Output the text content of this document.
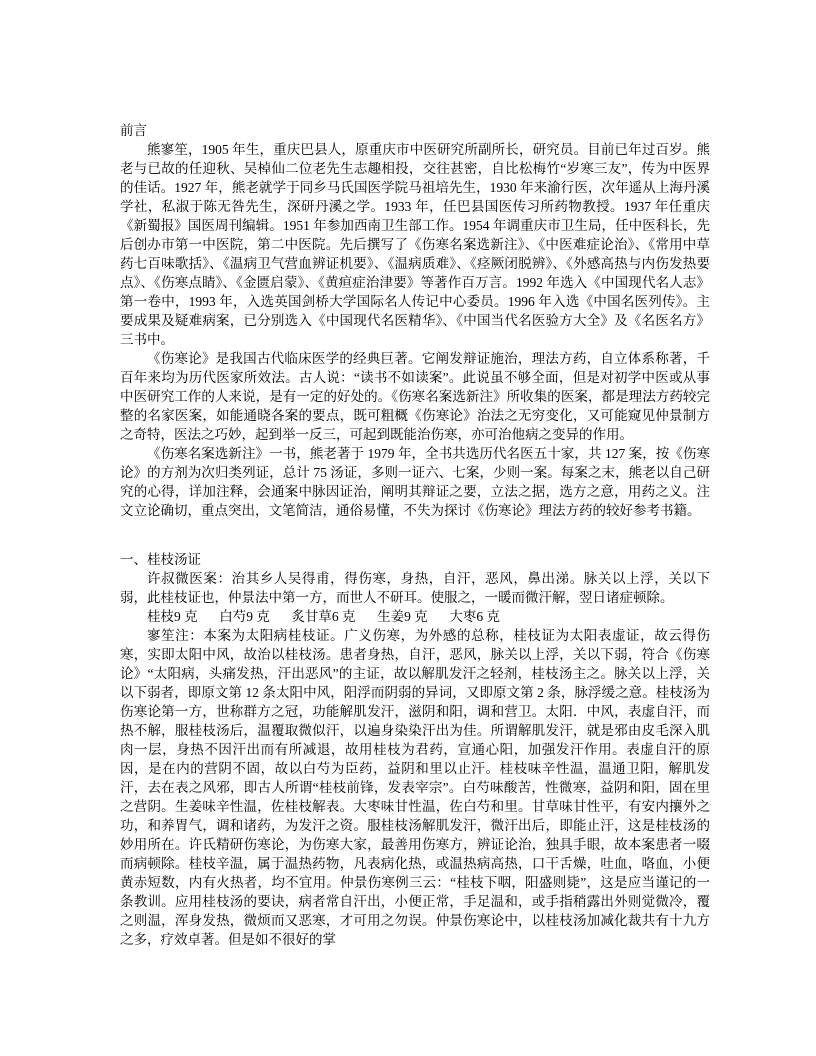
前言

熊寥笙，1905 年生，重庆巴县人，原重庆市中医研究所副所长，研究员。目前已年过百岁。熊老与已故的任迎秋、吴棹仙二位老先生志趣相投，交往甚密，自比松梅竹“岁寒三友”，传为中医界的佳话。1927 年，熊老就学于同乡马氏国医学院马祖培先生，1930 年来渝行医，次年遥从上海丹溪学社，私淑于陈无咎先生，深研丹溪之学。1933 年，任巴县国医传习所药物教授。1937 年任重庆《新蜀报》国医周刊编辑。1951 年参加西南卫生部工作。1954 年调重庆市卫生局，任中医科长，先后创办市第一中医院，第二中医院。先后撰写了《伤寒名案选新注》、《中医难症论治》、《常用中草药七百味歌括》、《温病卫气营血辨证机要》、《温病质难》、《痉厥闭脱辨》、《外感高热与内伤发热要点》、《伤寒点睛》、《金匮启蒙》、《黄疸症治津要》等著作百万言。1992 年选入《中国现代名人志》第一卷中，1993 年，入选英国剑桥大学国际名人传记中心委员。1996 年入选《中国名医列传》。主要成果及疑难病案，已分别选入《中国现代名医精华》、《中国当代名医验方大全》及《名医名方》三书中。

《伤寒论》是我国古代临床医学的经典巨著。它阐发辩证施治，理法方药，自立体系称著，千百年来均为历代医家所效法。古人说：“读书不如读案”。此说虽不够全面，但是对初学中医或从事中医研究工作的人来说，是有一定的好处的。《伤寒名案选新注》所收集的医案，都是理法方药较完整的名家医案，如能通晓各案的要点，既可粗概《伤寒论》治法之无穷变化，又可能窥见仲景制方之奇特，医法之巧妙，起到举一反三，可起到既能治伤寒，亦可治他病之变异的作用。

《伤寒名案选新注》一书，熊老著于 1979 年，全书共选历代名医五十家，共 127 案，按《伤寒论》的方剂为次归类列证，总计 75 汤证，多则一证六、七案，少则一案。每案之末，熊老以自己研究的心得，详加注释，会通案中脉因证治，阐明其辩证之要，立法之据，选方之意，用药之义。注文立论确切，重点突出，文笔简洁，通俗易懂，不失为探讨《伤寒论》理法方药的较好参考书籍。

一、桂枝汤证

许叔微医案：治其乡人吴得甫，得伤寒，身热，自汗，恶风，鼻出涕。脉关以上浮，关以下弱，此桂枝证也，仲景法中第一方，而世人不研耳。使服之，一暖而微汗解，翌日诸症顿除。

桂枝9 克 白芍9 克 炙甘草6 克 生姜9 克 大枣6 克

寥笙注：本案为太阳病桂枝证。广义伤寒，为外感的总称，桂枝证为太阳表虚证，故云得伤寒，实即太阳中风，故治以桂枝汤。患者身热，自汗，恶风，脉关以上浮，关以下弱，符合《伤寒论》“太阳病，头痛发热，汗出恶风”的主证，故以解肌发汗之轻剂，桂枝汤主之。脉关以上浮，关以下弱者，即原文第 12 条太阳中风，阳浮而阴弱的异词，又即原文第 2 条，脉浮缓之意。桂枝汤为伤寒论第一方，世称群方之冠，功能解肌发汗，滋阴和阳，调和营卫。太阳．中风，表虚自汗，而热不解，服桂枝汤后，温覆取微似汗，以遍身染染汗出为佳。所谓解肌发汗，就是邪由皮毛深入肌肉一层，身热不因汗出而有所减退，故用桂枝为君药，宣通心阳，加强发汗作用。表虚自汗的原因，是在内的营阴不固，故以白芍为臣药，益阴和里以止汗。桂枝味辛性温，温通卫阳，解肌发汗，去在表之风邪，即古人所谓“桂枝前锋，发表宰宗”。白芍味酸苦，性微寒，益阴和阳，固在里之营阴。生姜味辛性温，佐桂枝解表。大枣味甘性温，佐白芍和里。甘草味甘性平，有安内攘外之功，和养胃气，调和诸药，为发汗之资。服桂枝汤解肌发汗，微汗出后，即能止汗，这是桂枝汤的妙用所在。许氏精研伤寒论，为伤寒大家，最善用伤寒方，辨证论治，独具手眼，故本案患者一啜而病顿除。桂枝辛温，属于温热药物，凡表病化热，或温热病高热，口干舌燥，吐血，咯血，小便黄赤短数，内有火热者，均不宜用。仲景伤寒例三云：“桂枝下咽，阳盛则毙”，这是应当谨记的一条教训。应用桂枝汤的要诀，病者常自汗出，小便正常，手足温和，或手指稍露出外则觉微冷，覆之则温，浑身发热，微烦而又恶寒，才可用之勿误。仲景伤寒论中，以桂枝汤加减化裁共有十九方之多，疗效卓著。但是如不很好的掌
